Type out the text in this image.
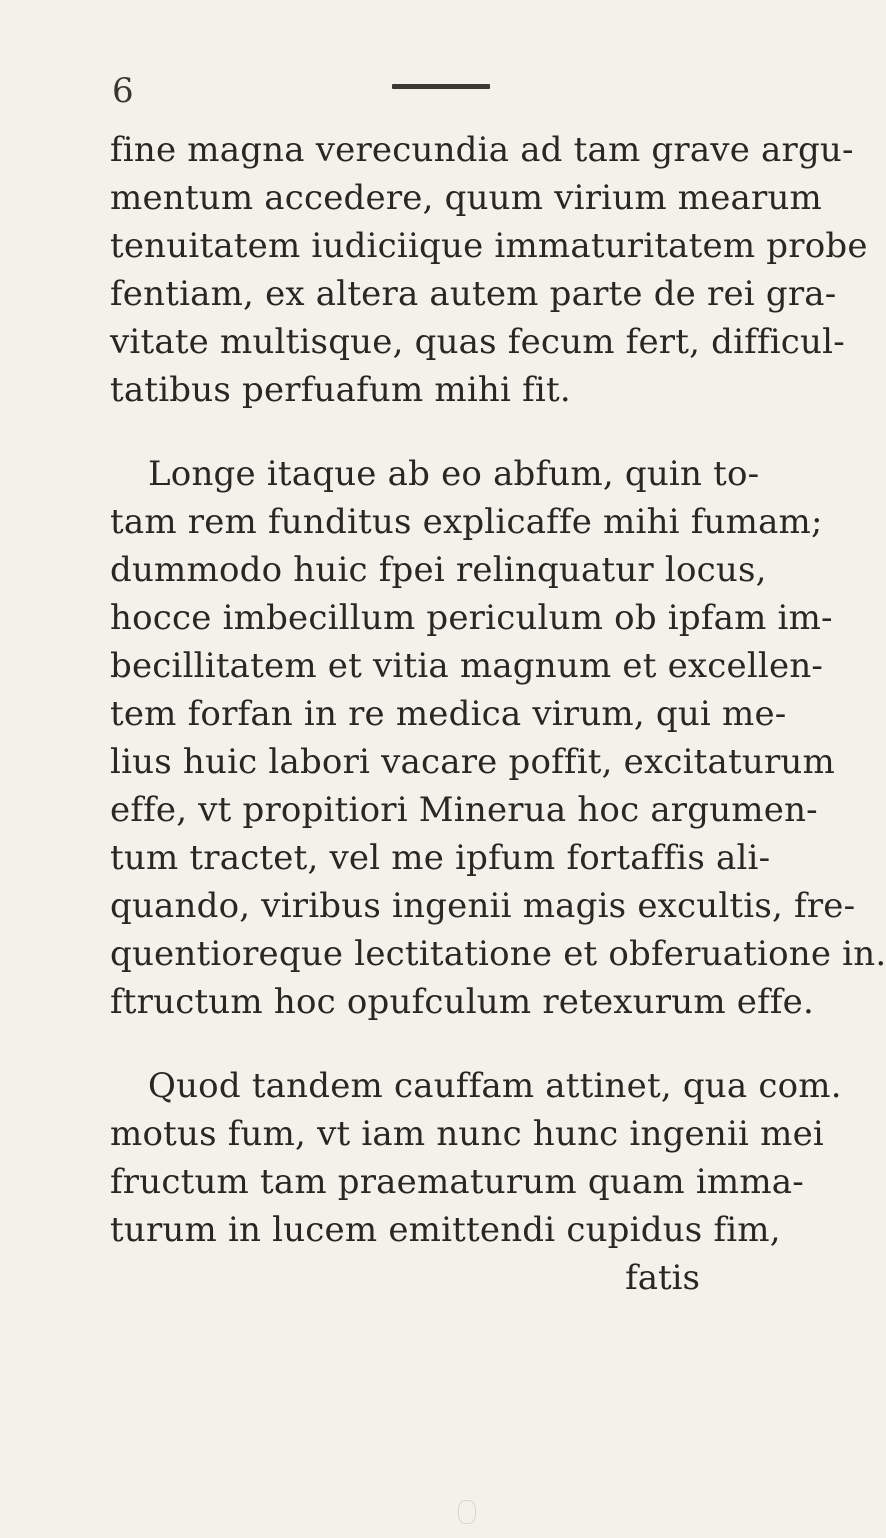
6
fine magna verecundia ad tam grave argu-
mentum accedere, quum virium mearum
tenuitatem iudiciique immaturitatem probe
fentiam, ex altera autem parte de rei gra-
vitate multisque, quas fecum fert, difficul-
tatibus perfuafum mihi fit.
Longe itaque ab eo abfum, quin to-
tam rem funditus explicaffe mihi fumam;
dummodo huic fpei relinquatur locus,
hocce imbecillum periculum ob ipfam im-
becillitatem et vitia magnum et excellen-
tem forfan in re medica virum, qui me-
lius huic labori vacare poffit, excitaturum
effe, vt propitiori Minerua hoc argumen-
tum tractet, vel me ipfum fortaffis ali-
quando, viribus ingenii magis excultis, fre-
quentioreque lectitatione et obferuatione in.
ftructum hoc opufculum retexurum effe.
Quod tandem cauffam attinet, qua com.
motus fum, vt iam nunc hunc ingenii mei
fructum tam praematurum quam imma-
turum in lucem emittendi cupidus fim,
fatis
